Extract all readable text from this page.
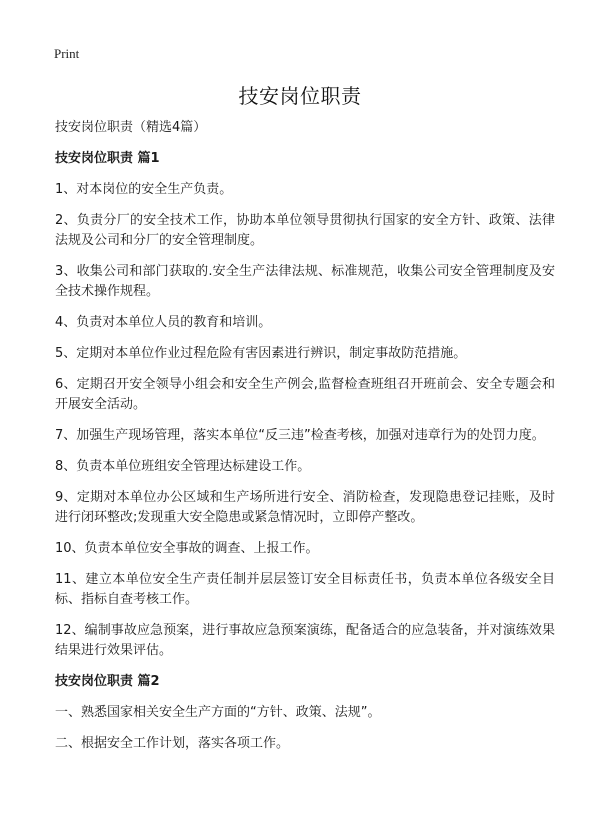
Print
技安岗位职责

技安岗位职责（精选4篇）

技安岗位职责 篇1

1、对本岗位的安全生产负责。

2、负责分厂的安全技术工作，协助本单位领导贯彻执行国家的安全方针、政策、法律法规及公司和分厂的安全管理制度。

3、收集公司和部门获取的.安全生产法律法规、标准规范，收集公司安全管理制度及安全技术操作规程。

4、负责对本单位人员的教育和培训。

5、定期对本单位作业过程危险有害因素进行辨识，制定事故防范措施。

6、定期召开安全领导小组会和安全生产例会,监督检查班组召开班前会、安全专题会和开展安全活动。

7、加强生产现场管理，落实本单位“反三违”检查考核，加强对违章行为的处罚力度。

8、负责本单位班组安全管理达标建设工作。

9、定期对本单位办公区域和生产场所进行安全、消防检查，发现隐患登记挂账，及时进行闭环整改;发现重大安全隐患或紧急情况时，立即停产整改。

10、负责本单位安全事故的调查、上报工作。

11、建立本单位安全生产责任制并层层签订安全目标责任书，负责本单位各级安全目标、指标自查考核工作。

12、编制事故应急预案，进行事故应急预案演练，配备适合的应急装备，并对演练效果结果进行效果评估。

技安岗位职责 篇2

一、熟悉国家相关安全生产方面的“方针、政策、法规”。

二、根据安全工作计划，落实各项工作。
